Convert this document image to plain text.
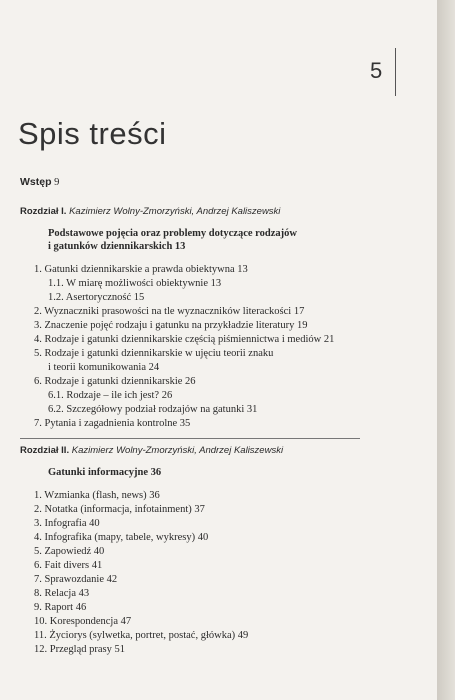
5
Spis treści
Wstęp 9
Rozdział I. Kazimierz Wolny-Zmorzyński, Andrzej Kaliszewski
Podstawowe pojęcia oraz problemy dotyczące rodzajów
i gatunków dziennikarskich 13
1. Gatunki dziennikarskie a prawda obiektywna 13
1.1. W miarę możliwości obiektywnie 13
1.2. Asertoryczność 15
2. Wyznaczniki prasowości na tle wyznaczników literackości 17
3. Znaczenie pojęć rodzaju i gatunku na przykładzie literatury 19
4. Rodzaje i gatunki dziennikarskie częścią piśmiennictwa i mediów 21
5. Rodzaje i gatunki dziennikarskie w ujęciu teorii znaku
i teorii komunikowania 24
6. Rodzaje i gatunki dziennikarskie 26
6.1. Rodzaje – ile ich jest? 26
6.2. Szczegółowy podział rodzajów na gatunki 31
7. Pytania i zagadnienia kontrolne 35
Rozdział II. Kazimierz Wolny-Zmorzyński, Andrzej Kaliszewski
Gatunki informacyjne 36
1. Wzmianka (flash, news) 36
2. Notatka (informacja, infotainment) 37
3. Infografia 40
4. Infografika (mapy, tabele, wykresy) 40
5. Zapowiedź 40
6. Fait divers 41
7. Sprawozdanie 42
8. Relacja 43
9. Raport 46
10. Korespondencja 47
11. Życiorys (sylwetka, portret, postać, główka) 49
12. Przegląd prasy 51
